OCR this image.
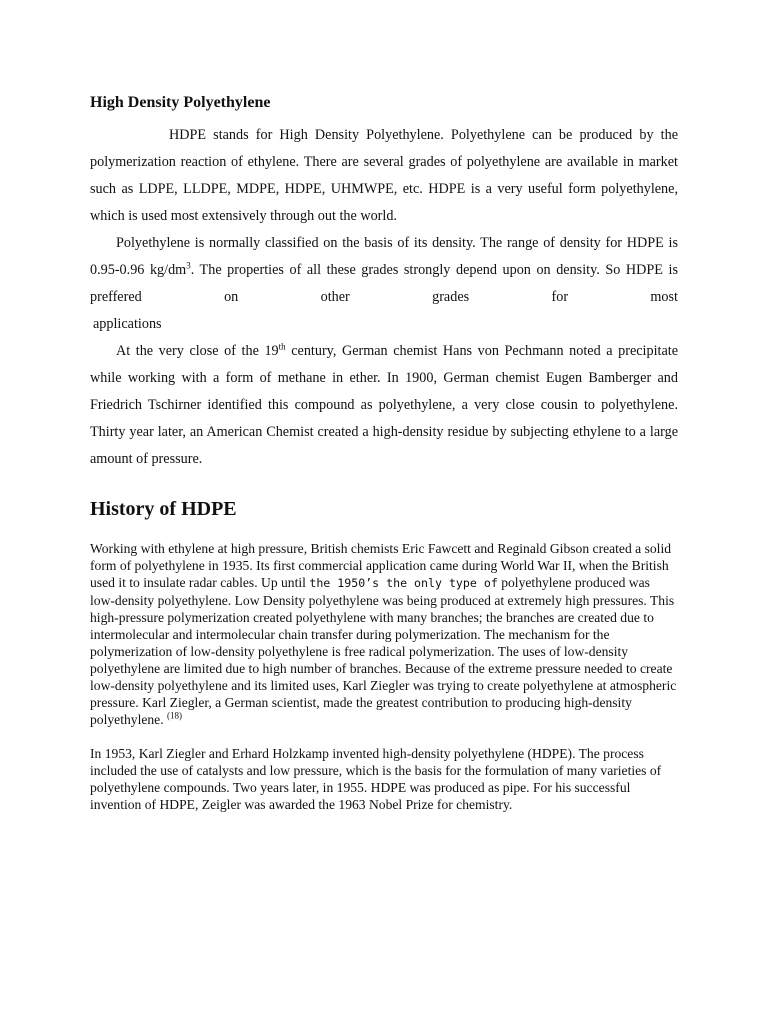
High Density Polyethylene

HDPE stands for High Density Polyethylene. Polyethylene can be produced by the polymerization reaction of ethylene. There are several grades of polyethylene are available in market such as LDPE, LLDPE, MDPE, HDPE, UHMWPE, etc. HDPE is a very useful form polyethylene, which is used most extensively through out the world.

Polyethylene is normally classified on the basis of its density. The range of density for HDPE is 0.95-0.96 $kg/dm^3$. The properties of all these grades strongly depend upon on density. So HDPE is preffered on other grades for most

applications

At the very close of the 19th century, German chemist Hans von Pechmann noted a precipitate while working with a form of methane in ether. In 1900, German chemist Eugen Bamberger and Friedrich Tschirner identified this compound as polyethylene, a very close cousin to polyethylene. Thirty year later, an American Chemist created a high-density residue by subjecting ethylene to a large amount of pressure.

History of HDPE

Working with ethylene at high pressure, British chemists Eric Fawcett and Reginald Gibson created a solid form of polyethylene in 1935. Its first commercial application came during World War II, when the British used it to insulate radar cables. Up until the 1950’s the only type of polyethylene produced was low-density polyethylene. Low Density polyethylene was being produced at extremely high pressures. This high-pressure polymerization created polyethylene with many branches; the branches are created due to intermolecular and intermolecular chain transfer during polymerization. The mechanism for the polymerization of low-density polyethylene is free radical polymerization. The uses of low-density polyethylene are limited due to high number of branches. Because of the extreme pressure needed to create low-density polyethylene and its limited uses, Karl Ziegler was trying to create polyethylene at atmospheric pressure. Karl Ziegler, a German scientist, made the greatest contribution to producing high-density polyethylene. $^{(18)}$

In 1953, Karl Ziegler and Erhard Holzkamp invented high-density polyethylene (HDPE). The process included the use of catalysts and low pressure, which is the basis for the formulation of many varieties of polyethylene compounds. Two years later, in 1955. HDPE was produced as pipe. For his successful invention of HDPE, Zeigler was awarded the 1963 Nobel Prize for chemistry.
